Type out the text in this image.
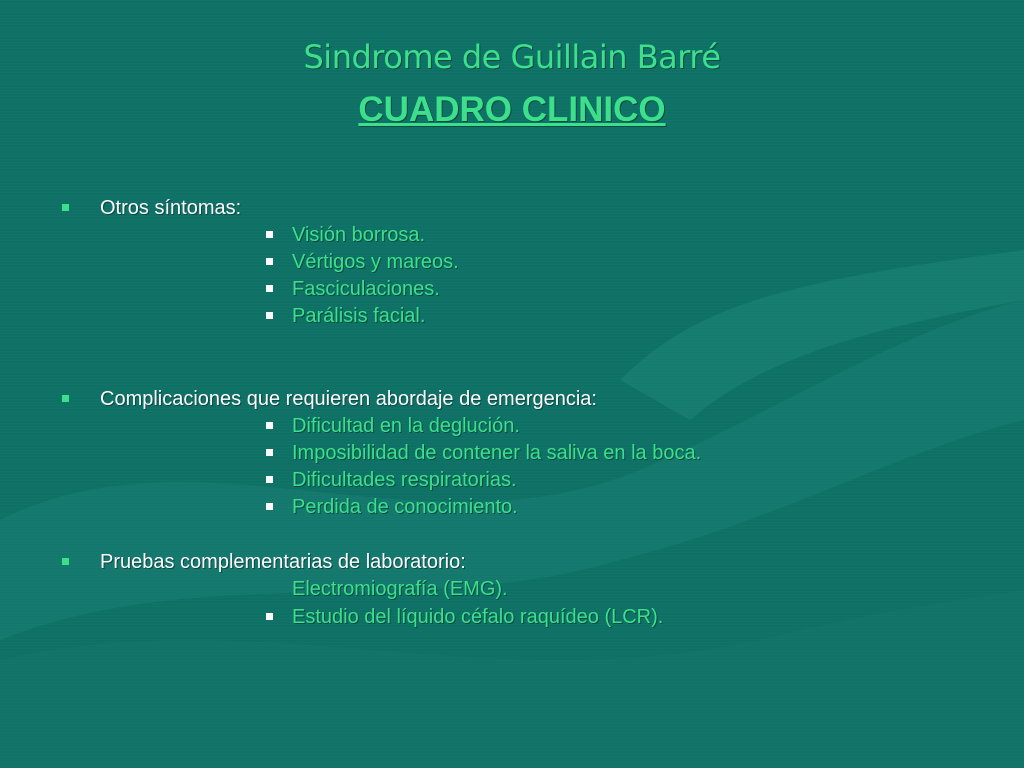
Sindrome de Guillain Barré
CUADRO CLINICO
Otros síntomas:
Visión borrosa.
Vértigos y mareos.
Fasciculaciones.
Parálisis facial.
Complicaciones que requieren abordaje de emergencia:
Dificultad en la deglución.
Imposibilidad de contener la saliva en la boca.
Dificultades respiratorias.
Perdida de conocimiento.
Pruebas complementarias de laboratorio:
Electromiografía (EMG).
Estudio del líquido céfalo raquídeo (LCR).
